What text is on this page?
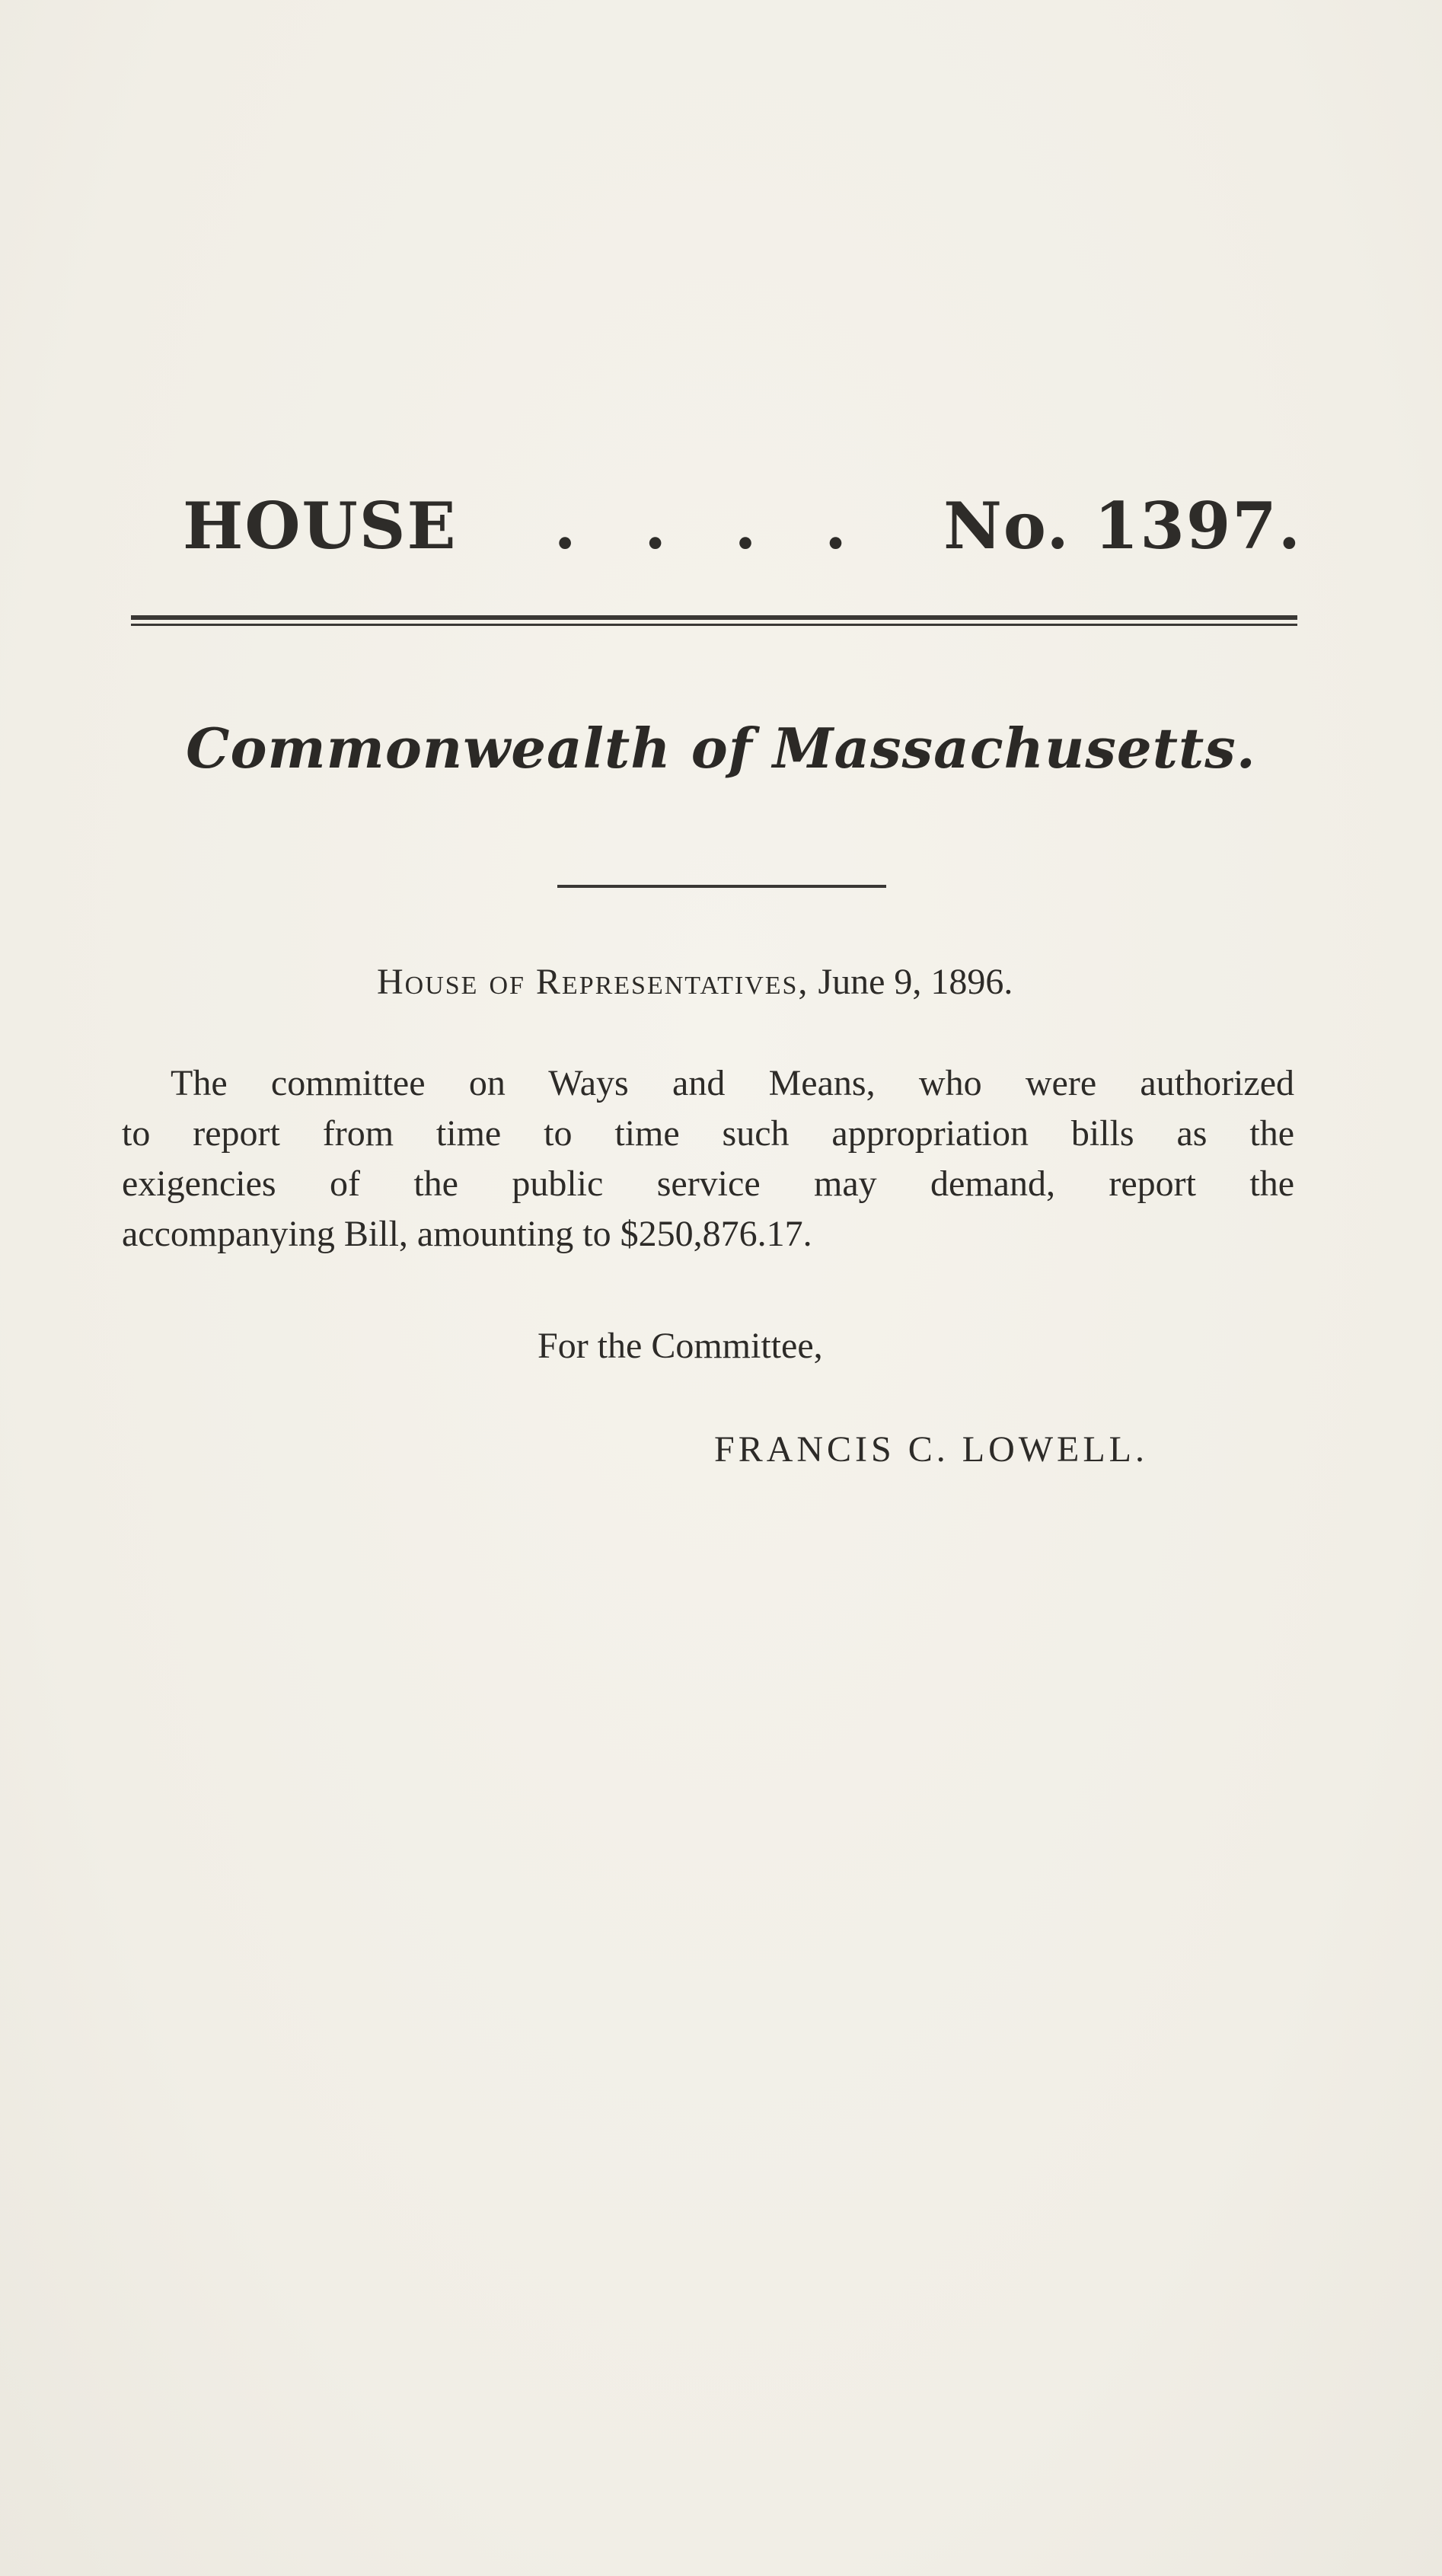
HOUSE . . . . No. 1397.
Commonwealth of Massachusetts.
House of Representatives, June 9, 1896.
The committee on Ways and Means, who were authorized
to report from time to time such appropriation bills as the
exigencies of the public service may demand, report the
accompanying Bill, amounting to $250,876.17.
For the Committee,
FRANCIS C. LOWELL.
